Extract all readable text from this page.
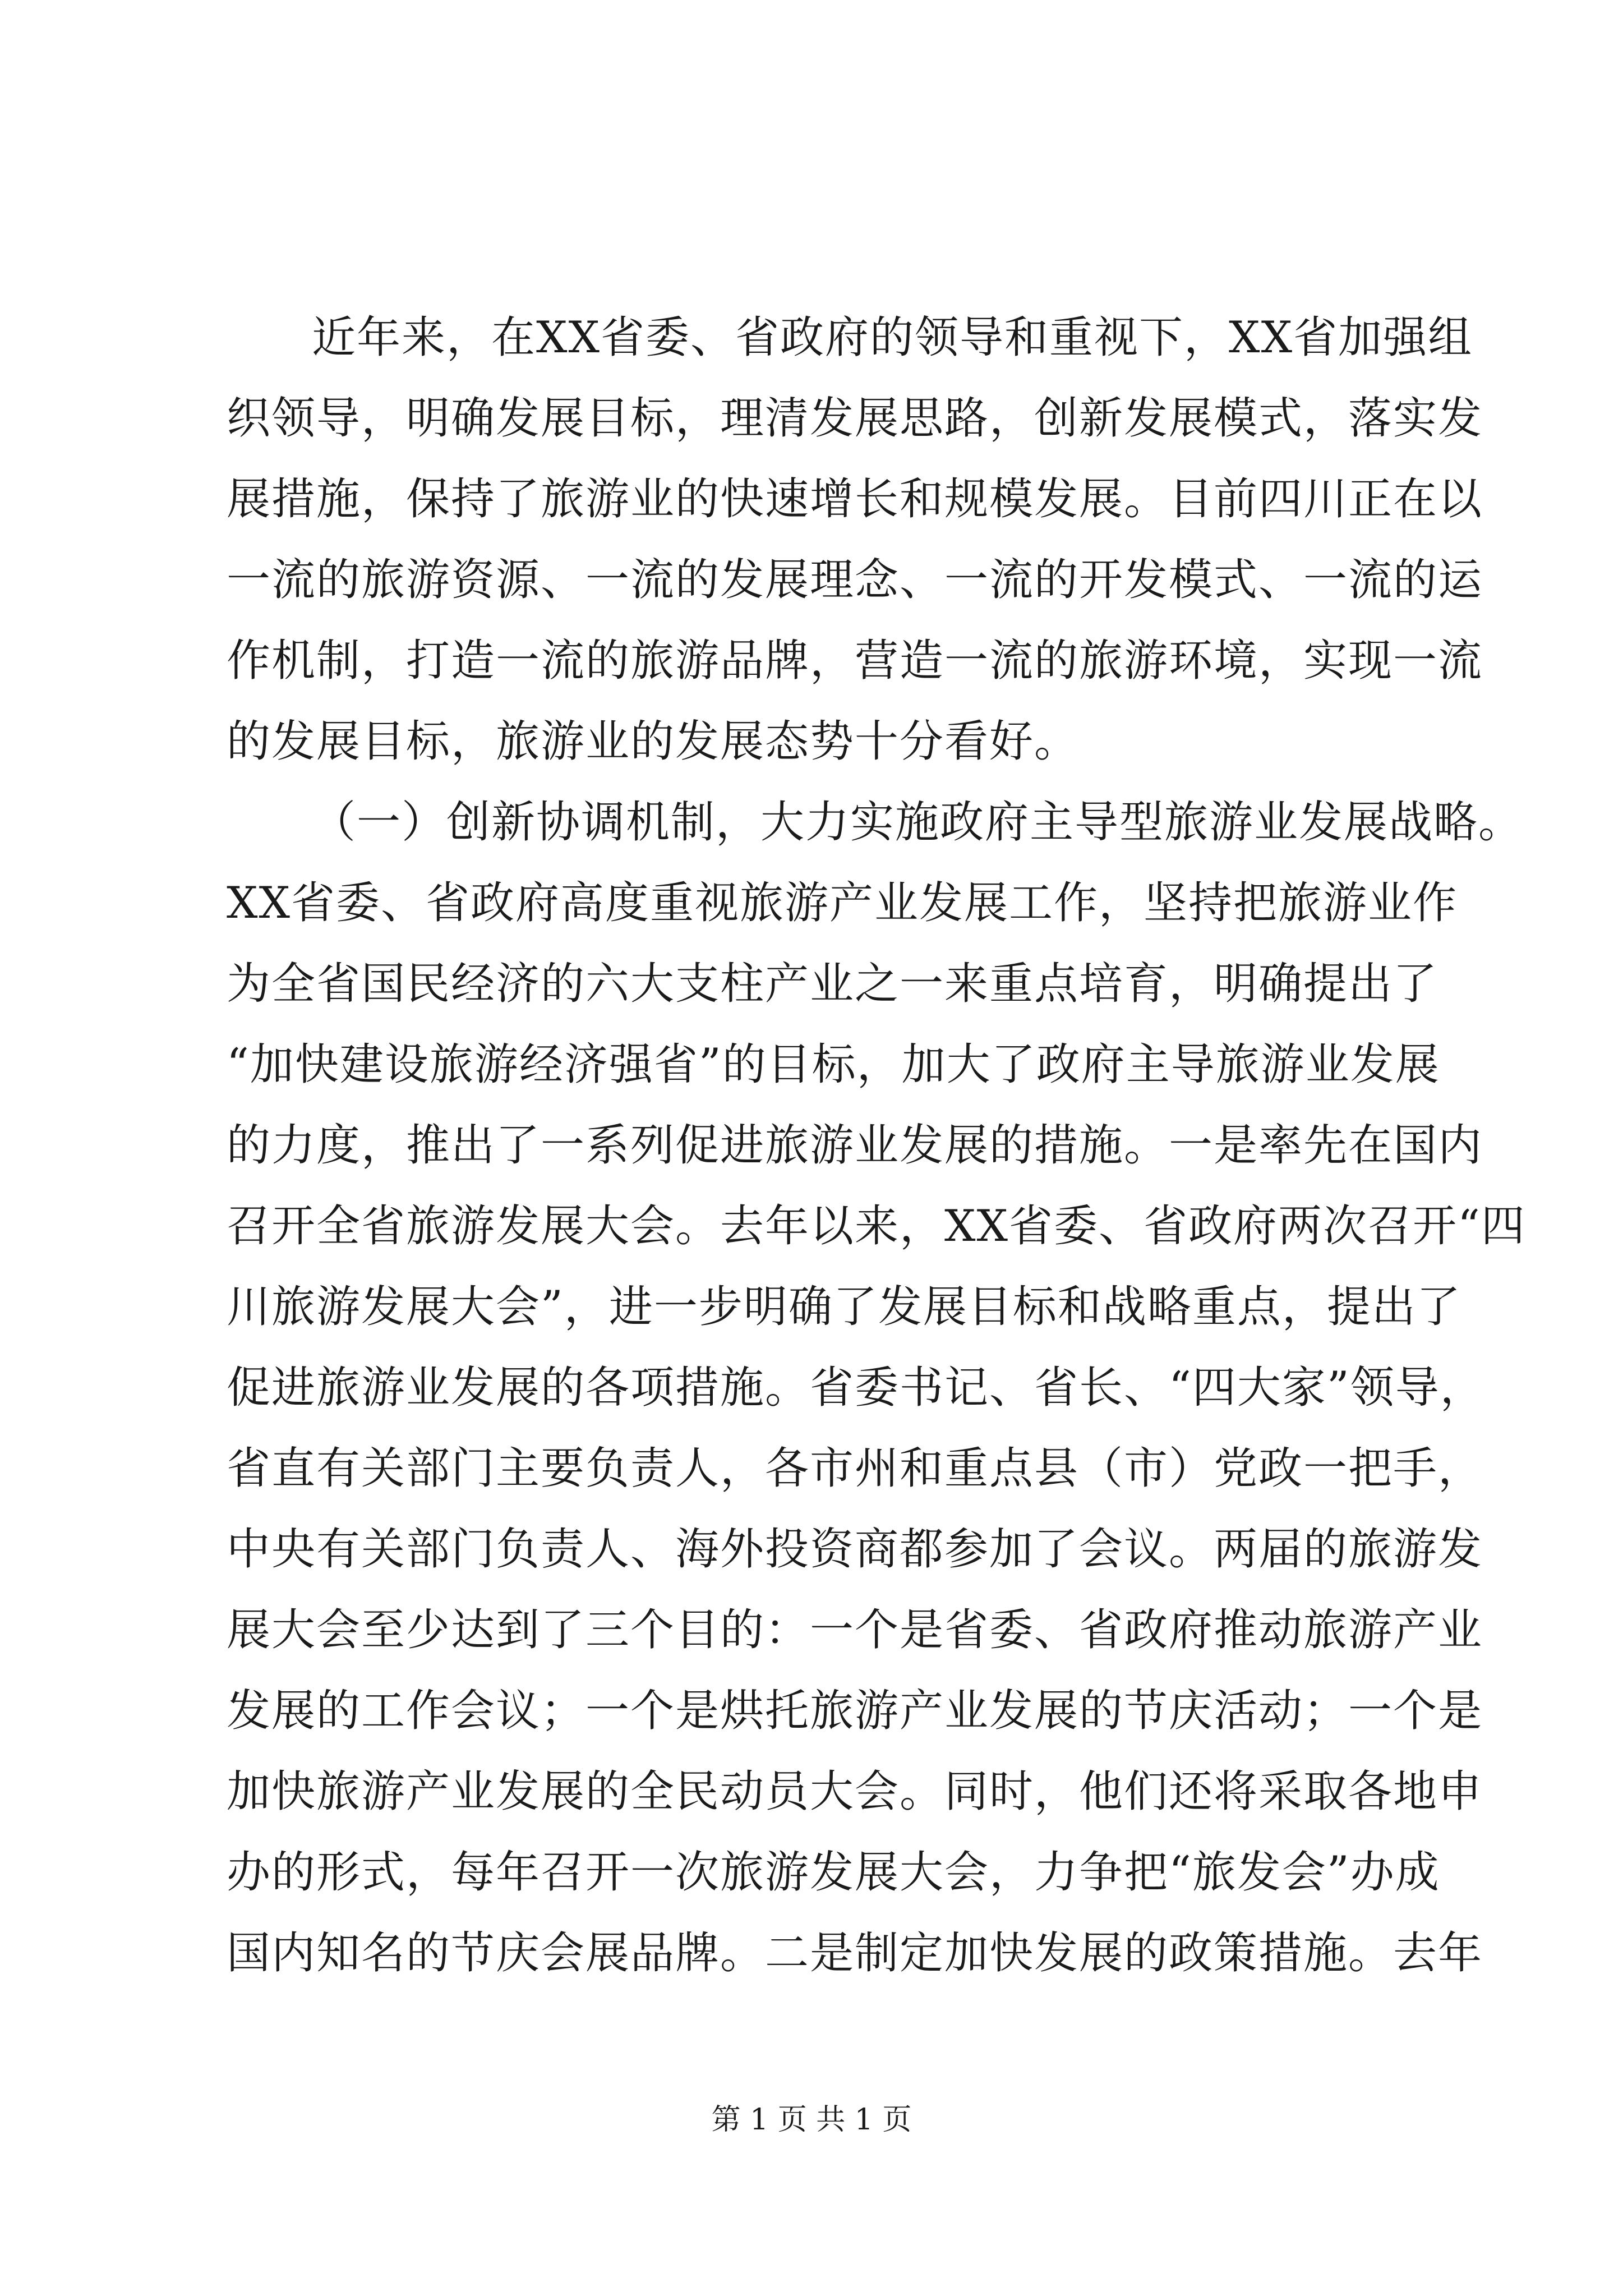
近年来，在XX省委、省政府的领导和重视下，XX省加强组
织领导，明确发展目标，理清发展思路，创新发展模式，落实发
展措施，保持了旅游业的快速增长和规模发展。目前四川正在以
一流的旅游资源、一流的发展理念、一流的开发模式、一流的运
作机制，打造一流的旅游品牌，营造一流的旅游环境，实现一流
的发展目标，旅游业的发展态势十分看好。
（一）创新协调机制，大力实施政府主导型旅游业发展战略。
XX省委、省政府高度重视旅游产业发展工作，坚持把旅游业作
为全省国民经济的六大支柱产业之一来重点培育，明确提出了
“加快建设旅游经济强省”的目标，加大了政府主导旅游业发展
的力度，推出了一系列促进旅游业发展的措施。一是率先在国内
召开全省旅游发展大会。去年以来，XX省委、省政府两次召开“四
川旅游发展大会”，进一步明确了发展目标和战略重点，提出了
促进旅游业发展的各项措施。省委书记、省长、“四大家”领导，
省直有关部门主要负责人，各市州和重点县（市）党政一把手，
中央有关部门负责人、海外投资商都参加了会议。两届的旅游发
展大会至少达到了三个目的：一个是省委、省政府推动旅游产业
发展的工作会议；一个是烘托旅游产业发展的节庆活动；一个是
加快旅游产业发展的全民动员大会。同时，他们还将采取各地申
办的形式，每年召开一次旅游发展大会，力争把“旅发会”办成
国内知名的节庆会展品牌。二是制定加快发展的政策措施。去年
第 1 页 共 1 页
